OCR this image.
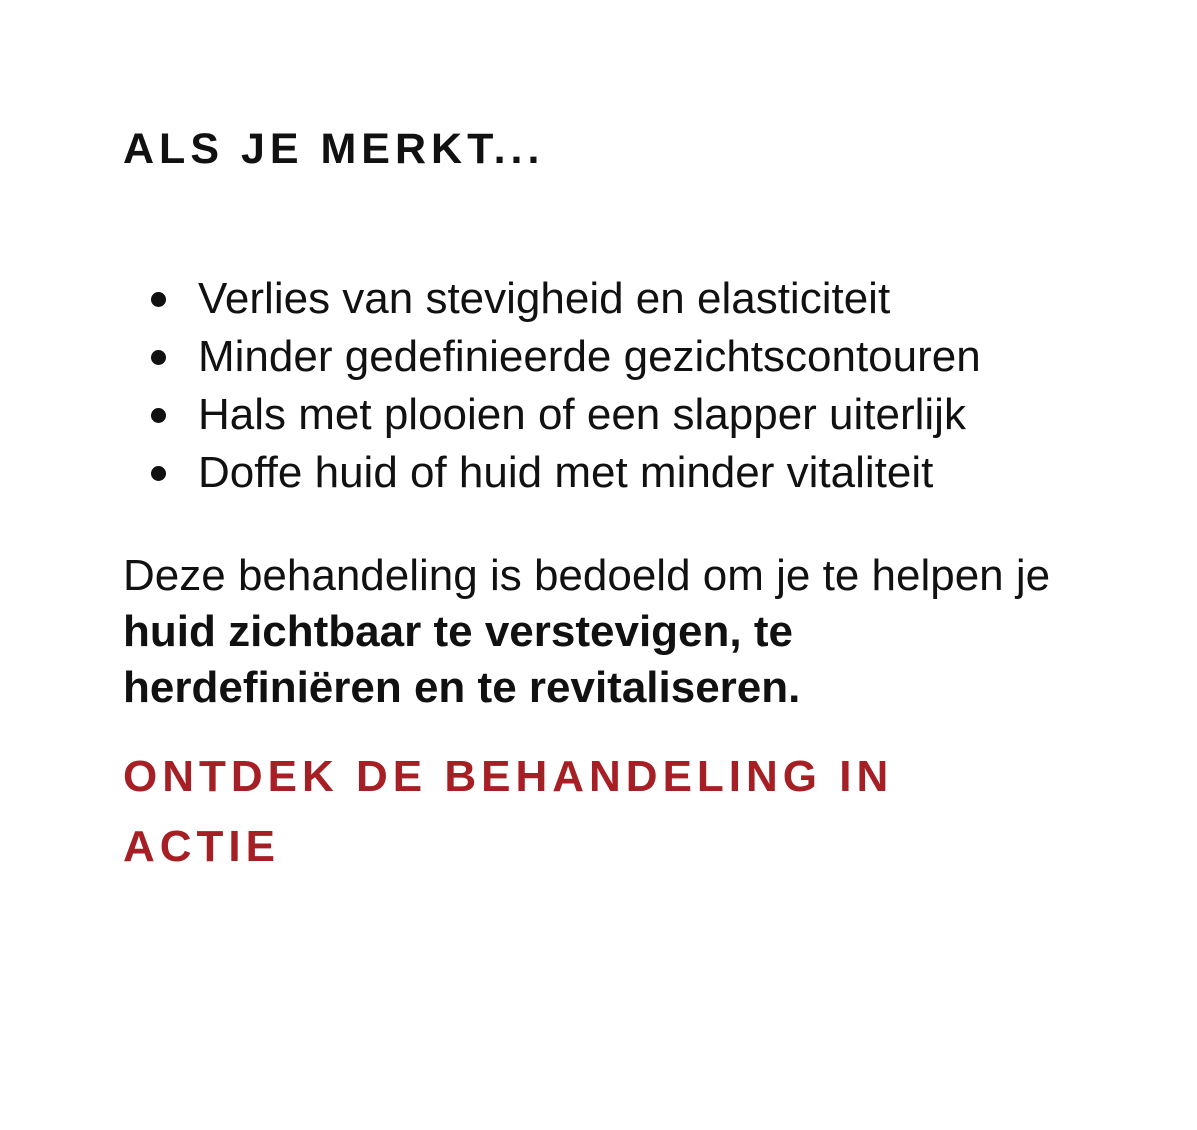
ALS JE MERKT...
Verlies van stevigheid en elasticiteit
Minder gedefinieerde gezichtscontouren
Hals met plooien of een slapper uiterlijk
Doffe huid of huid met minder vitaliteit

Deze behandeling is bedoeld om je te helpen je huid zichtbaar te verstevigen, te herdefiniëren en te revitaliseren.

ONTDEK DE BEHANDELING IN ACTIE
